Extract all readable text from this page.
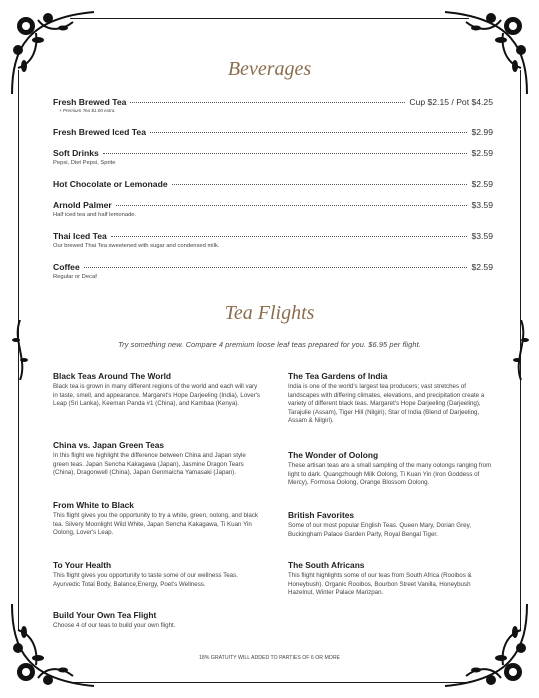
Beverages
Fresh Brewed Tea	Cup $2.15 / Pot $4.25
+ Premium Tea $1.00 extra.
Fresh Brewed Iced Tea	$2.99
Soft Drinks	$2.59
Pepsi, Diet Pepsi, Sprite
Hot Chocolate or Lemonade	$2.59
Arnold Palmer	$3.59
Half iced tea and half lemonade.
Thai Iced Tea	$3.59
Our brewed Thai Tea sweetened with sugar and condensed milk.
Coffee	$2.59
Regular or Decaf
Tea Flights
Try something new. Compare 4 premium loose leaf teas prepared for you. $6.95 per flight.
Black Teas Around The World
Black tea is grown in many different regions of the world and each will vary in taste, smell, and appearance. Margaret's Hope Darjeeling (India), Lover's Leap (Sri Lanka), Keeman Panda #1 (China), and Kambaa (Kenya).
China vs. Japan Green Teas
In this flight we highlight the difference between China and Japan style green teas. Japan Sencha Kakagawa (Japan), Jasmine Dragon Tears (China), Dragonwell (China), Japan Genmaicha Yamasaki (Japan).
From White to Black
This flight gives you the opportunity to try a white, green, oolong, and black tea. Silvery Moonlight Wild White, Japan Sencha Kakagawa, Ti Kuan Yin Oolong, Lover's Leap.
To Your Health
This flight gives you opportunity to taste some of our wellness Teas. Ayurvedic Total Body, Balance,Energy, Poet's Wellness.
Build Your Own Tea Flight
Choose 4 of our teas to build your own flight.
The Tea Gardens of India
India is one of the world's largest tea producers; vast stretches of landscapes with differing climates, elevations, and precipitation create a variety of different black teas. Margaret's Hope Darjeeling (Darjeeling), Tarajulie (Assam), Tiger Hill (Nilgiri), Star of India (Blend of Darjeeling, Assam & Nilgiri).
The Wonder of Oolong
These artisan teas are a small sampling of the many oolongs ranging from light to dark. Quangzhough Milk Oolong, Ti Kuan Yin (Iron Goddess of Mercy), Formosa Oolong, Orange Blossom Oolong.
British Favorites
Some of our most popular English Teas. Queen Mary, Dorian Grey, Buckingham Palace Garden Party, Royal Bengal Tiger.
The South Africans
This flight highlights some of our teas from South Africa (Rooibos & Honeybush). Organic Rooibos, Bourbon Street Vanilla, Honeybush Hazelnut, Winter Palace Marizpan.
18% GRATUITY WILL ADDED TO PARTIES OF 6 OR MORE
